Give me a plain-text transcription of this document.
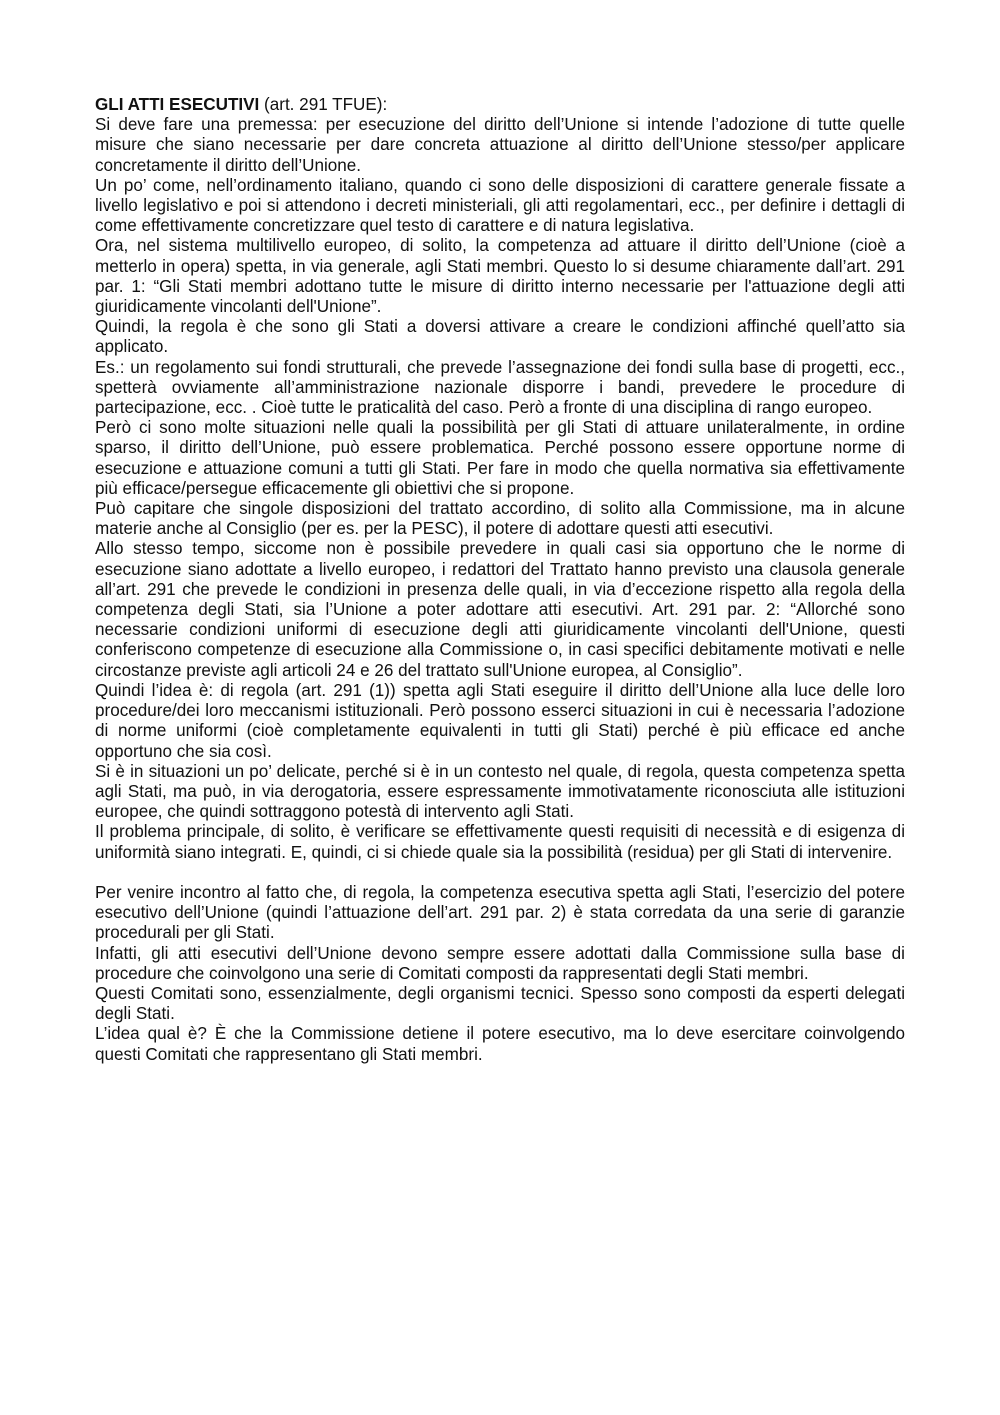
GLI ATTI ESECUTIVI (art. 291 TFUE):

Si deve fare una premessa: per esecuzione del diritto dell’Unione si intende l’adozione di tutte quelle misure che siano necessarie per dare concreta attuazione al diritto dell’Unione stesso/per applicare concretamente il diritto dell’Unione.

Un po’ come, nell’ordinamento italiano, quando ci sono delle disposizioni di carattere generale fissate a livello legislativo e poi si attendono i decreti ministeriali, gli atti regolamentari, ecc., per definire i dettagli di come effettivamente concretizzare quel testo di carattere e di natura legislativa.

Ora, nel sistema multilivello europeo, di solito, la competenza ad attuare il diritto dell’Unione (cioè a metterlo in opera) spetta, in via generale, agli Stati membri. Questo lo si desume chiaramente dall’art. 291 par. 1: “Gli Stati membri adottano tutte le misure di diritto interno necessarie per l'attuazione degli atti giuridicamente vincolanti dell'Unione”.

Quindi, la regola è che sono gli Stati a doversi attivare a creare le condizioni affinché quell’atto sia applicato.

Es.: un regolamento sui fondi strutturali, che prevede l’assegnazione dei fondi sulla base di progetti, ecc., spetterà ovviamente all’amministrazione nazionale disporre i bandi, prevedere le procedure di partecipazione, ecc. . Cioè tutte le praticalità del caso. Però a fronte di una disciplina di rango europeo.

Però ci sono molte situazioni nelle quali la possibilità per gli Stati di attuare unilateralmente, in ordine sparso, il diritto dell’Unione, può essere problematica. Perché possono essere opportune norme di esecuzione e attuazione comuni a tutti gli Stati. Per fare in modo che quella normativa sia effettivamente più efficace/persegue efficacemente gli obiettivi che si propone.

Può capitare che singole disposizioni del trattato accordino, di solito alla Commissione, ma in alcune materie anche al Consiglio (per es. per la PESC), il potere di adottare questi atti esecutivi.

Allo stesso tempo, siccome non è possibile prevedere in quali casi sia opportuno che le norme di esecuzione siano adottate a livello europeo, i redattori del Trattato hanno previsto una clausola generale all’art. 291 che prevede le condizioni in presenza delle quali, in via d’eccezione rispetto alla regola della competenza degli Stati, sia l’Unione a poter adottare atti esecutivi. Art. 291 par. 2: “Allorché sono necessarie condizioni uniformi di esecuzione degli atti giuridicamente vincolanti dell'Unione, questi conferiscono competenze di esecuzione alla Commissione o, in casi specifici debitamente motivati e nelle circostanze previste agli articoli 24 e 26 del trattato sull'Unione europea, al Consiglio”.

Quindi l’idea è: di regola (art. 291 (1)) spetta agli Stati eseguire il diritto dell’Unione alla luce delle loro procedure/dei loro meccanismi istituzionali. Però possono esserci situazioni in cui è necessaria l’adozione di norme uniformi (cioè completamente equivalenti in tutti gli Stati) perché è più efficace ed anche opportuno che sia così.

Si è in situazioni un po’ delicate, perché si è in un contesto nel quale, di regola, questa competenza spetta agli Stati, ma può, in via derogatoria, essere espressamente immotivatamente riconosciuta alle istituzioni europee, che quindi sottraggono potestà di intervento agli Stati.

Il problema principale, di solito, è verificare se effettivamente questi requisiti di necessità e di esigenza di uniformità siano integrati. E, quindi, ci si chiede quale sia la possibilità (residua) per gli Stati di intervenire.

Per venire incontro al fatto che, di regola, la competenza esecutiva spetta agli Stati, l’esercizio del potere esecutivo dell’Unione (quindi l’attuazione dell’art. 291 par. 2) è stata corredata da una serie di garanzie procedurali per gli Stati.

Infatti, gli atti esecutivi dell’Unione devono sempre essere adottati dalla Commissione sulla base di procedure che coinvolgono una serie di Comitati composti da rappresentati degli Stati membri.

Questi Comitati sono, essenzialmente, degli organismi tecnici. Spesso sono composti da esperti delegati degli Stati.

L’idea qual è? È che la Commissione detiene il potere esecutivo, ma lo deve esercitare coinvolgendo questi Comitati che rappresentano gli Stati membri.
